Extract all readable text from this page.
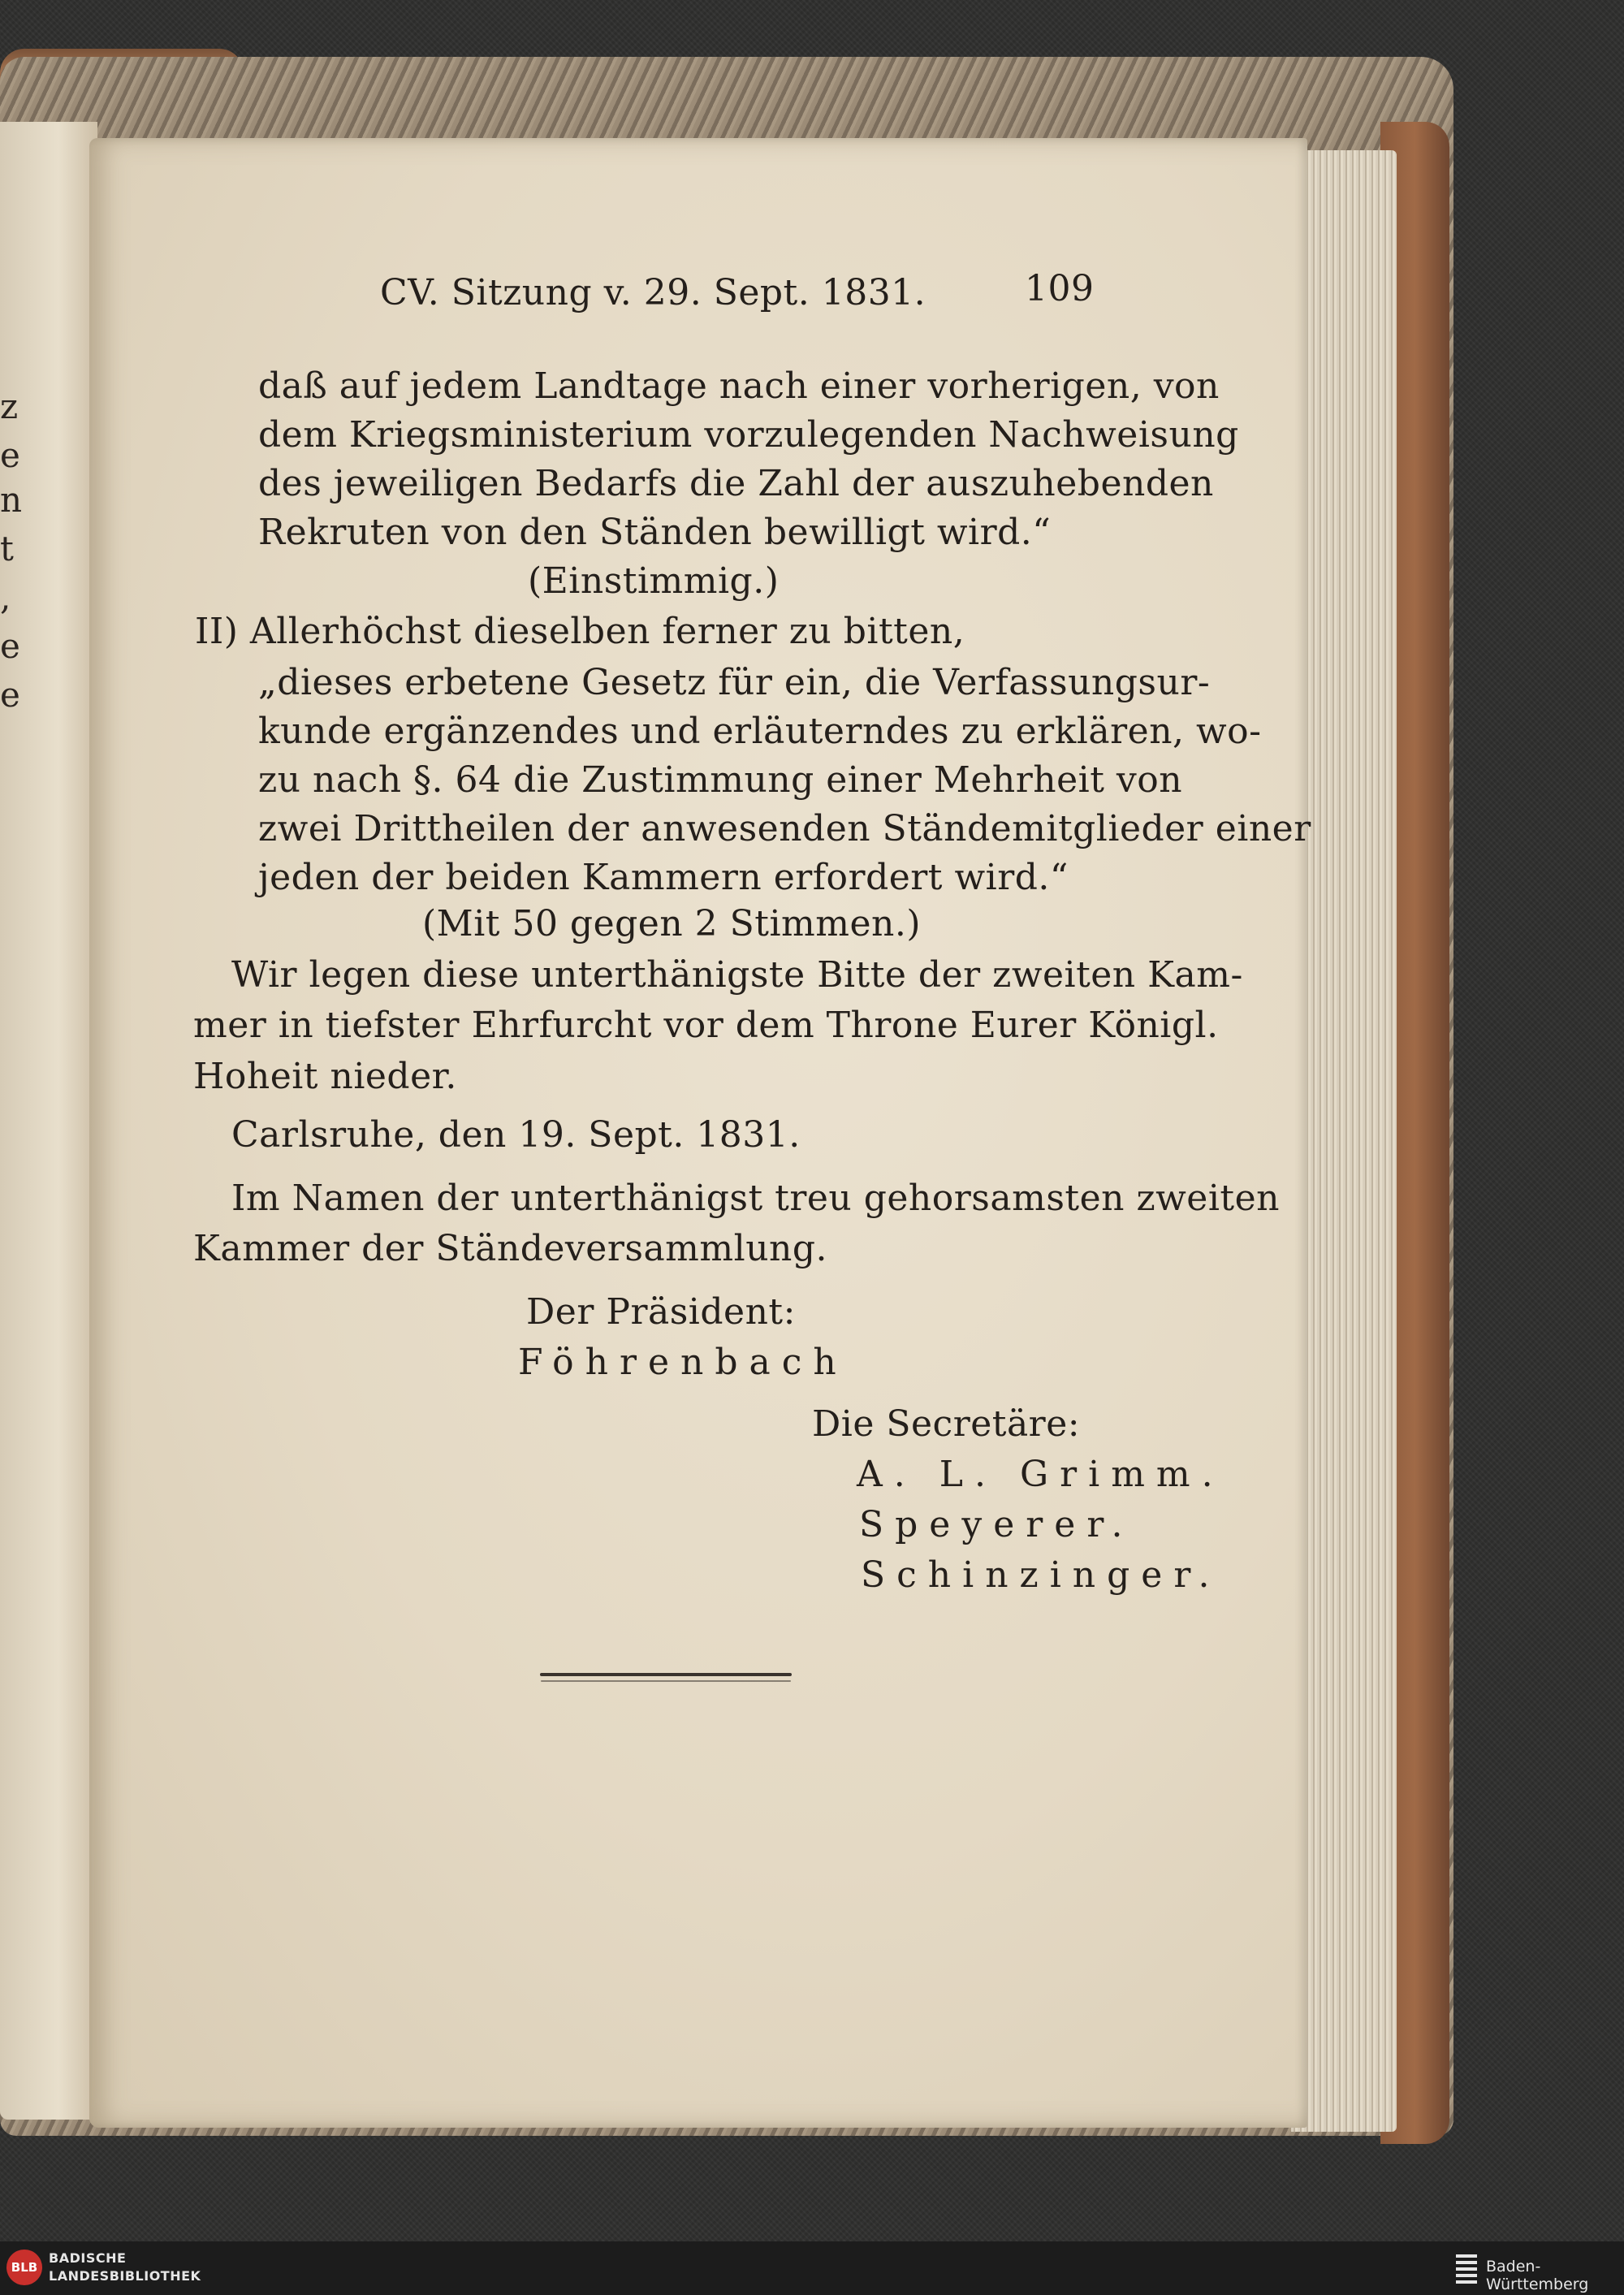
z
e
n
t
,
e
e
CV. Sitzung v. 29. Sept. 1831.	109
daß auf jedem Landtage nach einer vorherigen, von
dem Kriegsministerium vorzulegenden Nachweisung
des jeweiligen Bedarfs die Zahl der auszuhebenden
Rekruten von den Ständen bewilligt wird.“
(Einstimmig.)
II) Allerhöchst dieselben ferner zu bitten,
„dieses erbetene Gesetz für ein, die Verfassungsur-
kunde ergänzendes und erläuterndes zu erklären, wo-
zu nach §. 64 die Zustimmung einer Mehrheit von
zwei Drittheilen der anwesenden Ständemitglieder einer
jeden der beiden Kammern erfordert wird.“
(Mit 50 gegen 2 Stimmen.)
Wir legen diese unterthänigste Bitte der zweiten Kam-
mer in tiefster Ehrfurcht vor dem Throne Eurer Königl.
Hoheit nieder.
Carlsruhe, den 19. Sept. 1831.
Im Namen der unterthänigst treu gehorsamsten zweiten
Kammer der Ständeversammlung.
Der Präsident:
Föhrenbach
Die Secretäre:
A. L. Grimm.
Speyerer.
Schinzinger.
BLB
BADISCHE
LANDESBIBLIOTHEK
Baden-Württemberg
